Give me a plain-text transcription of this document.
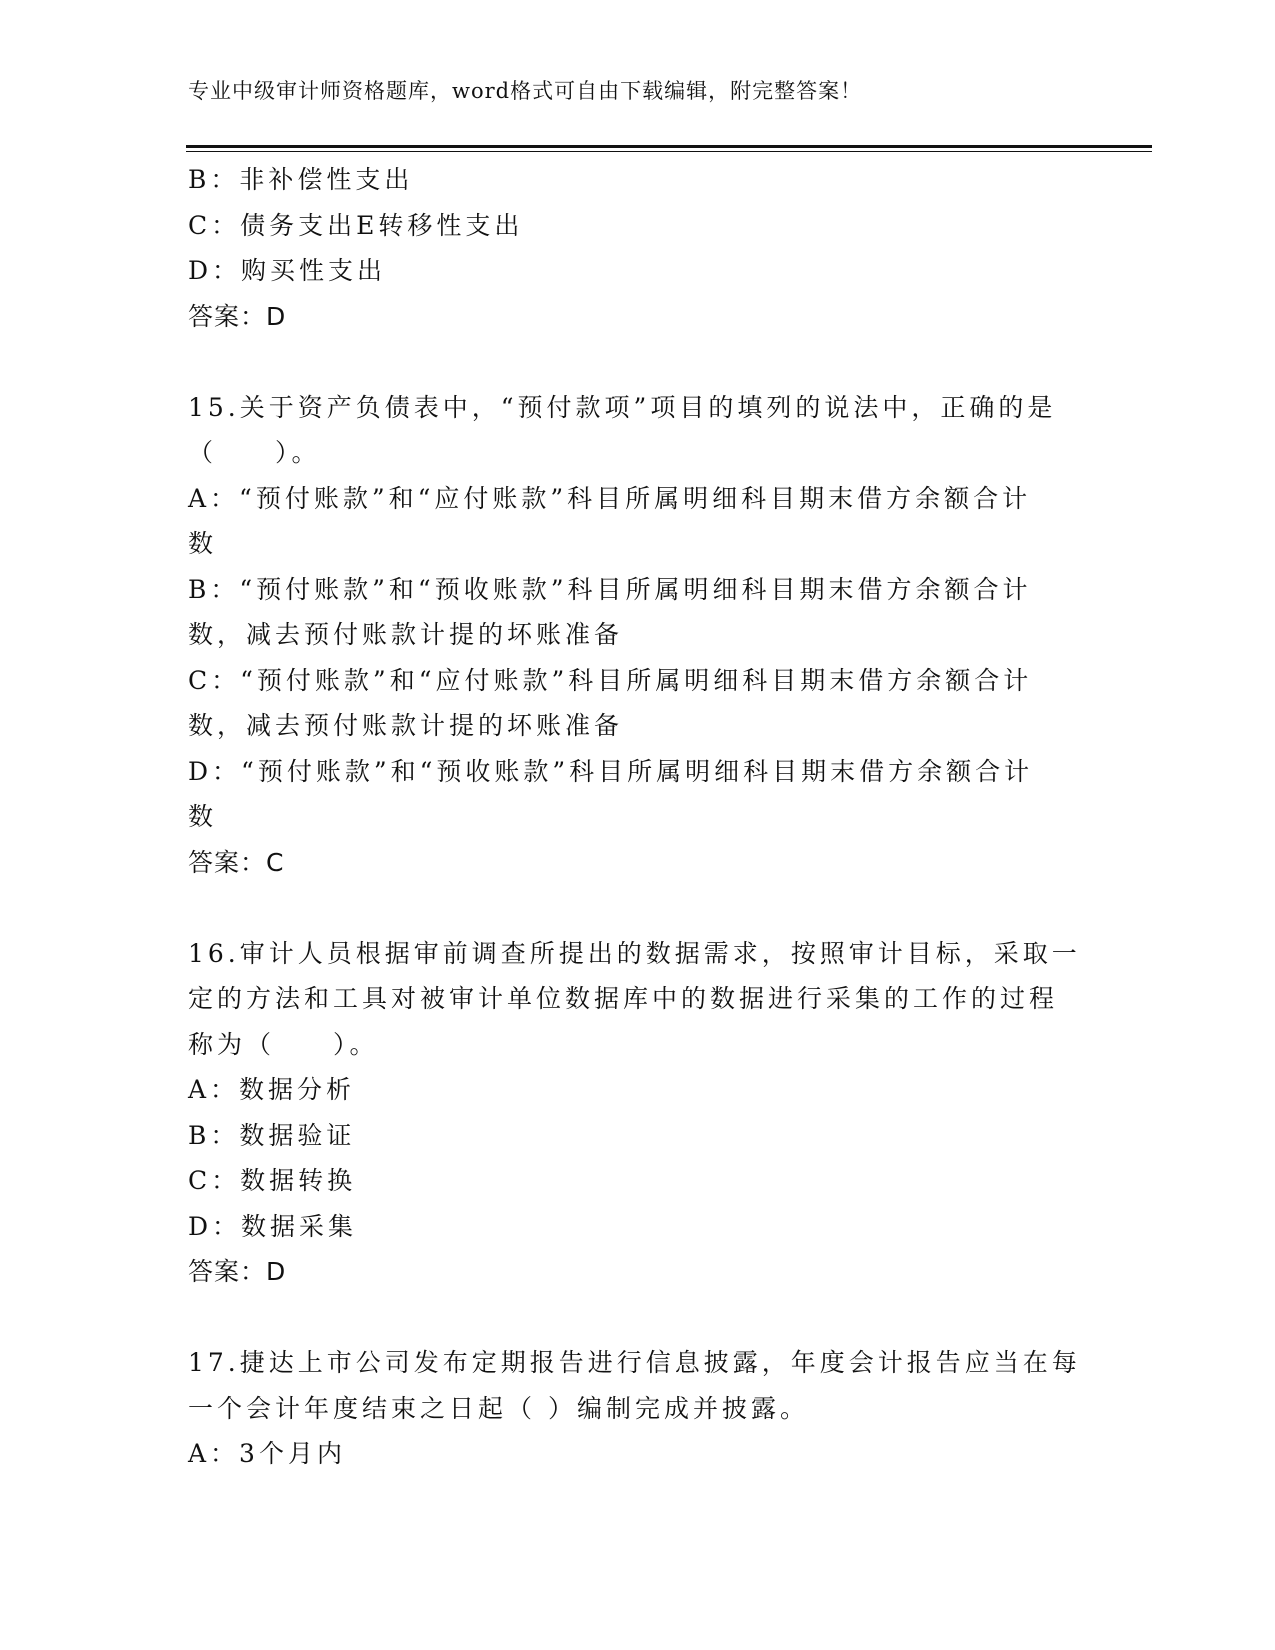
专业中级审计师资格题库，word格式可自由下载编辑，附完整答案！
B：非补偿性支出
C：债务支出E转移性支出
D：购买性支出
答案：D
15.关于资产负债表中，“预付款项”项目的填列的说法中，正确的是
（　　）。
A：“预付账款”和“应付账款”科目所属明细科目期末借方余额合计
数
B：“预付账款”和“预收账款”科目所属明细科目期末借方余额合计
数，减去预付账款计提的坏账准备
C：“预付账款”和“应付账款”科目所属明细科目期末借方余额合计
数，减去预付账款计提的坏账准备
D：“预付账款”和“预收账款”科目所属明细科目期末借方余额合计
数
答案：C
16.审计人员根据审前调查所提出的数据需求，按照审计目标，采取一
定的方法和工具对被审计单位数据库中的数据进行采集的工作的过程
称为（　　）。
A：数据分析
B：数据验证
C：数据转换
D：数据采集
答案：D
17.捷达上市公司发布定期报告进行信息披露，年度会计报告应当在每
一个会计年度结束之日起（ ）编制完成并披露。
A：3个月内
